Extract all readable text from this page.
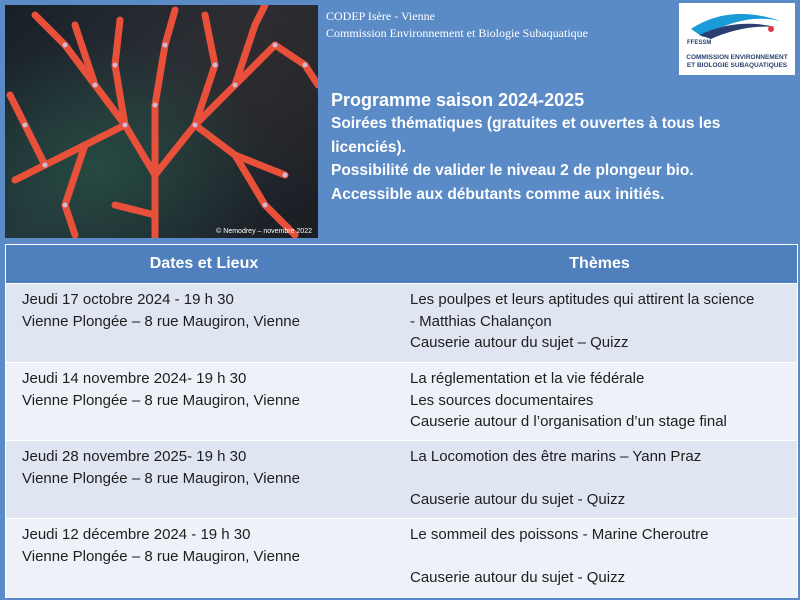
© Nemodrey – novembre 2022
CODEP Isère - Vienne
Commission Environnement et Biologie Subaquatique
FFESSM
COMMISSION ENVIRONNEMENT
ET BIOLOGIE SUBAQUATIQUES
Programme saison 2024-2025
Soirées thématiques (gratuites et ouvertes à tous les
licenciés).
Possibilité de valider le niveau 2 de plongeur bio.
Accessible aux débutants comme aux initiés.
Dates et Lieux	Thèmes
Jeudi 17 octobre 2024 - 19 h 30
Vienne Plongée – 8 rue Maugiron, Vienne
Les poulpes et leurs aptitudes qui attirent la science
- Matthias Chalançon
Causerie autour du sujet – Quizz
Jeudi 14 novembre 2024- 19 h 30
Vienne Plongée – 8 rue Maugiron, Vienne
La réglementation et la vie fédérale
Les sources documentaires
Causerie autour d l’organisation d’un stage final
Jeudi 28 novembre 2025- 19 h 30
Vienne Plongée – 8 rue Maugiron, Vienne
La Locomotion des être marins – Yann Praz
Causerie autour du sujet - Quizz
Jeudi 12 décembre 2024 - 19 h 30
Vienne Plongée – 8 rue Maugiron, Vienne
Le sommeil des poissons - Marine Cheroutre
Causerie autour du sujet - Quizz
